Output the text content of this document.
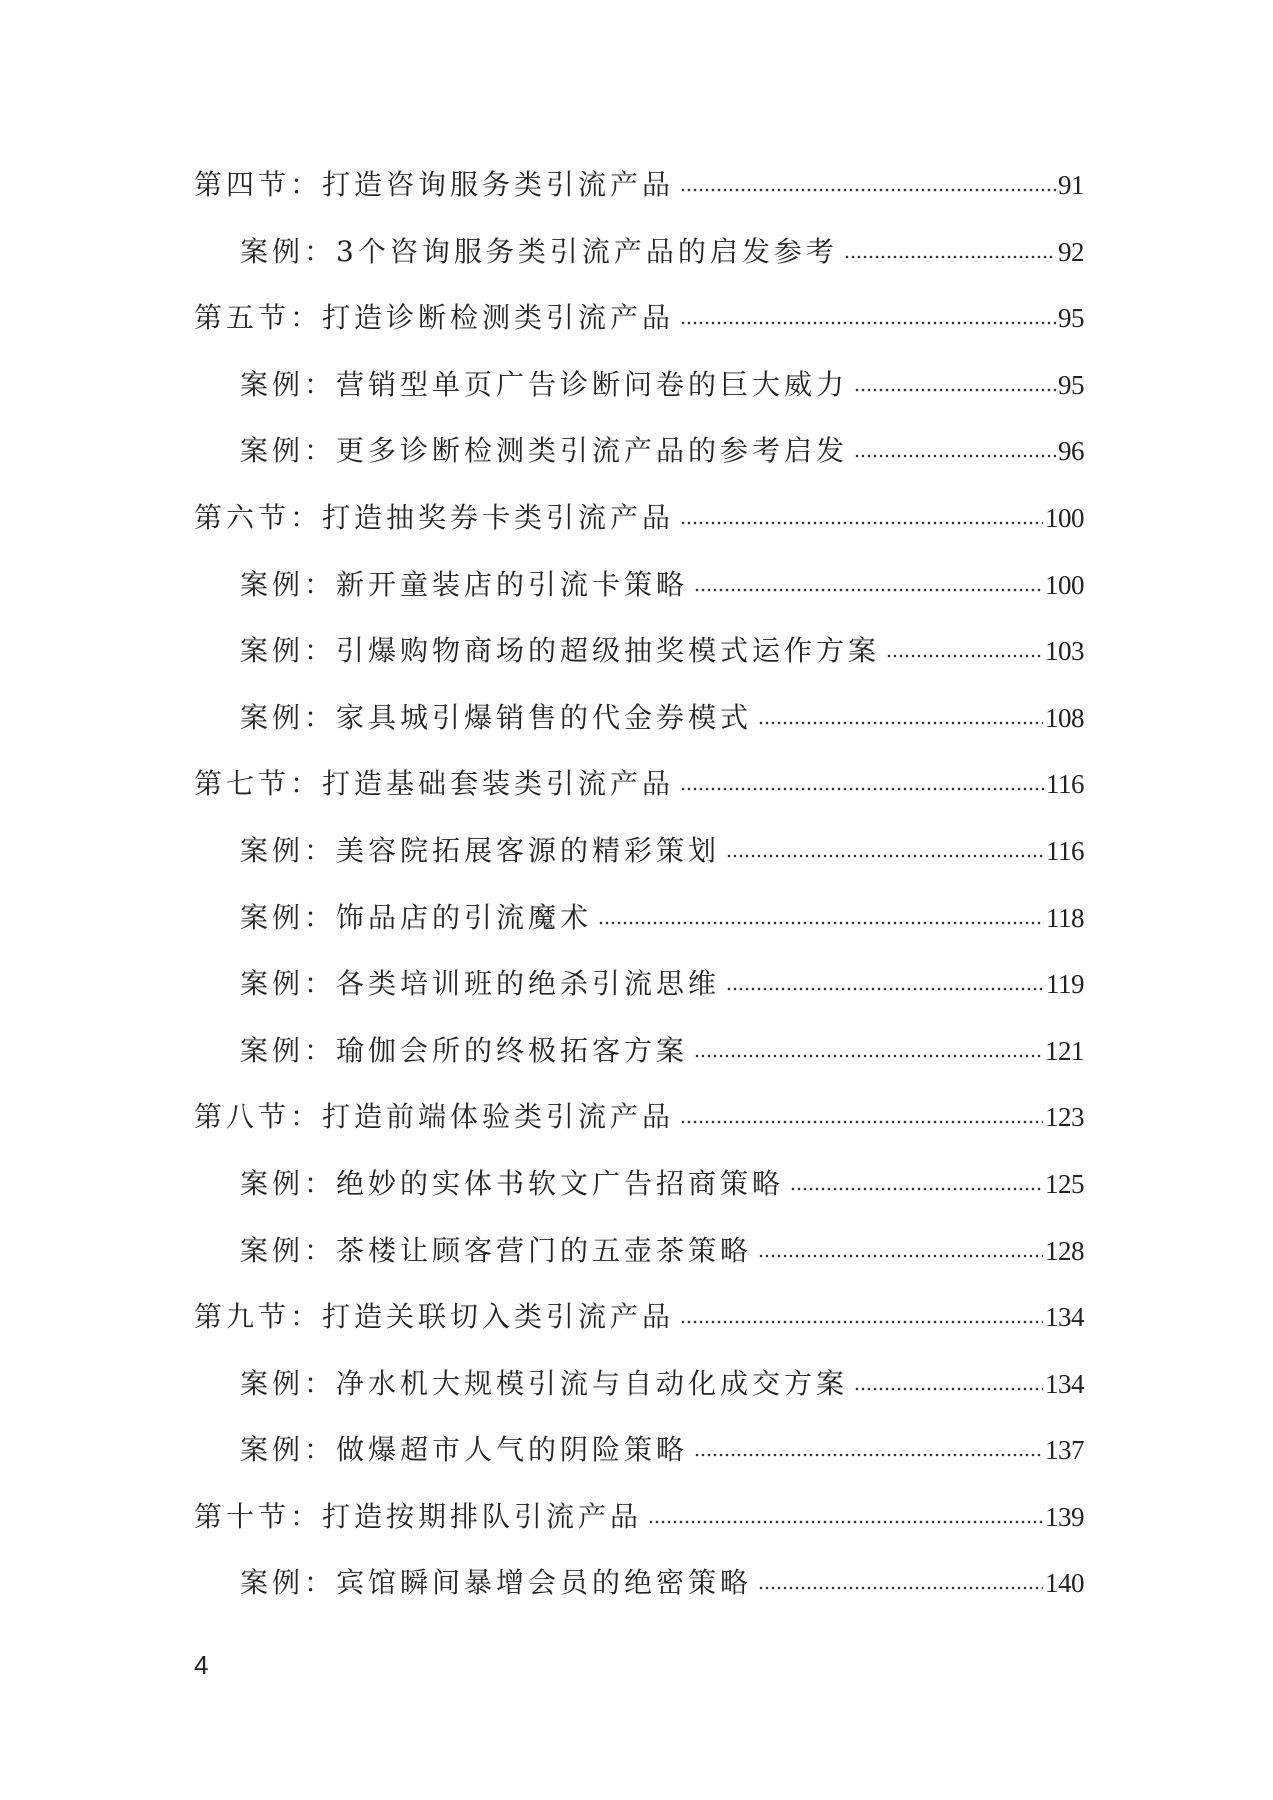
第四节：打造咨询服务类引流产品	91
案例：3个咨询服务类引流产品的启发参考	92
第五节：打造诊断检测类引流产品	95
案例：营销型单页广告诊断问卷的巨大威力	95
案例：更多诊断检测类引流产品的参考启发	96
第六节：打造抽奖券卡类引流产品	100
案例：新开童装店的引流卡策略	100
案例：引爆购物商场的超级抽奖模式运作方案	103
案例：家具城引爆销售的代金券模式	108
第七节：打造基础套装类引流产品	116
案例：美容院拓展客源的精彩策划	116
案例：饰品店的引流魔术	118
案例：各类培训班的绝杀引流思维	119
案例：瑜伽会所的终极拓客方案	121
第八节：打造前端体验类引流产品	123
案例：绝妙的实体书软文广告招商策略	125
案例：茶楼让顾客营门的五壶茶策略	128
第九节：打造关联切入类引流产品	134
案例：净水机大规模引流与自动化成交方案	134
案例：做爆超市人气的阴险策略	137
第十节：打造按期排队引流产品	139
案例：宾馆瞬间暴增会员的绝密策略	140
4
